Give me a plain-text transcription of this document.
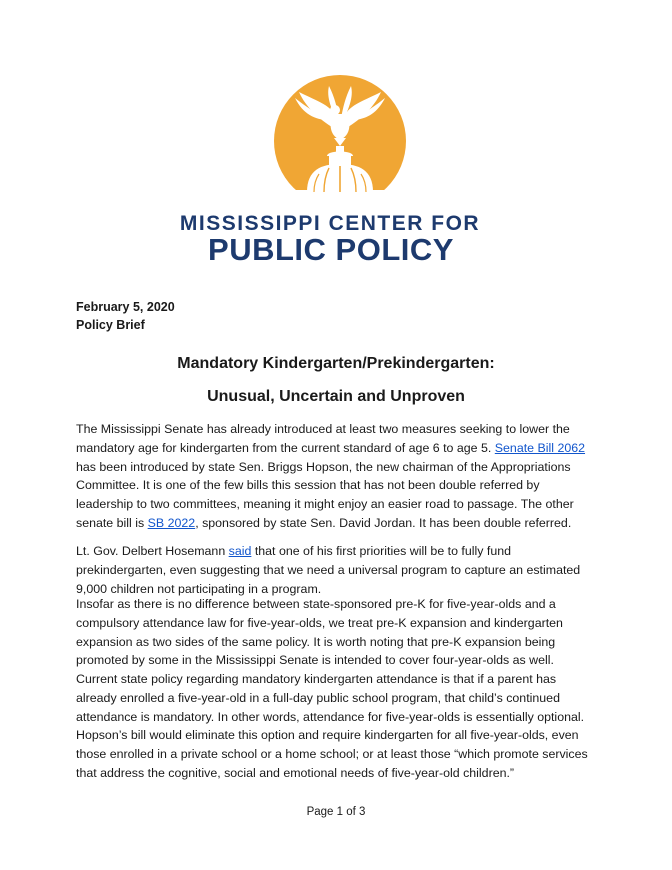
MISSISSIPPI CENTER FOR
PUBLIC POLICY
February 5, 2020
Policy Brief
Mandatory Kindergarten/Prekindergarten:
Unusual, Uncertain and Unproven

The Mississippi Senate has already introduced at least two measures seeking to lower the mandatory age for kindergarten from the current standard of age 6 to age 5. Senate Bill 2062 has been introduced by state Sen. Briggs Hopson, the new chairman of the Appropriations Committee. It is one of the few bills this session that has not been double referred by leadership to two committees, meaning it might enjoy an easier road to passage. The other senate bill is SB 2022, sponsored by state Sen. David Jordan. It has been double referred.

Lt. Gov. Delbert Hosemann said that one of his first priorities will be to fully fund prekindergarten, even suggesting that we need a universal program to capture an estimated 9,000 children not participating in a program.

Insofar as there is no difference between state-sponsored pre-K for five-year-olds and a compulsory attendance law for five-year-olds, we treat pre-K expansion and kindergarten expansion as two sides of the same policy. It is worth noting that pre-K expansion being promoted by some in the Mississippi Senate is intended to cover four-year-olds as well.

Current state policy regarding mandatory kindergarten attendance is that if a parent has already enrolled a five-year-old in a full-day public school program, that child’s continued attendance is mandatory. In other words, attendance for five-year-olds is essentially optional. Hopson’s bill would eliminate this option and require kindergarten for all five-year-olds, even those enrolled in a private school or a home school; or at least those “which promote services that address the cognitive, social and emotional needs of five-year-old children.”

Page 1 of 3
